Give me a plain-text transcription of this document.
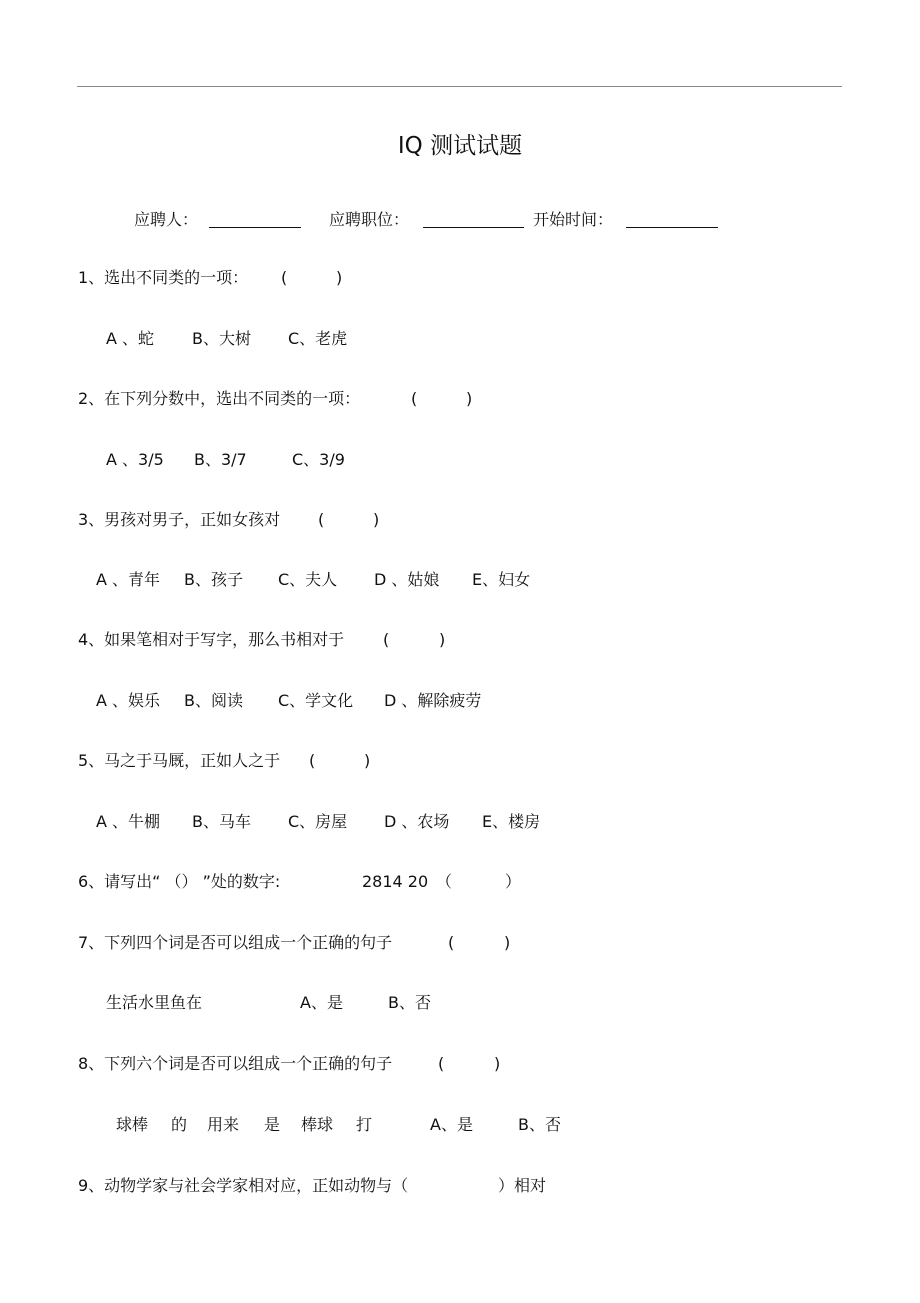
IQ 测试试题
应聘人：	应聘职位：	开始时间：
1、选出不同类的一项： (	)
A 、蛇 B、大树 C、老虎
2、在下列分数中，选出不同类的一项：	(	)
A 、3/5 B、3/7	C、3/9
3、男孩对男子，正如女孩对 (	)
A 、青年 B、孩子 C、夫人 D 、姑娘 E、妇女
4、如果笔相对于写字，那么书相对于 (	)
A 、娱乐 B、阅读 C、学文化 D 、解除疲劳
5、马之于马厩，正如人之于 (	)
A 、牛棚 B、马车 C、房屋 D 、农场 E、楼房
6、请写出“ （） ”处的数字:	2814 20 （	）
7、下列四个词是否可以组成一个正确的句子	(	)
生活水里鱼在	A、是	B、否
8、下列六个词是否可以组成一个正确的句子	(	)
球棒 的 用来 是 棒球 打	A、是	B、否
9、动物学家与社会学家相对应，正如动物与（	）相对
